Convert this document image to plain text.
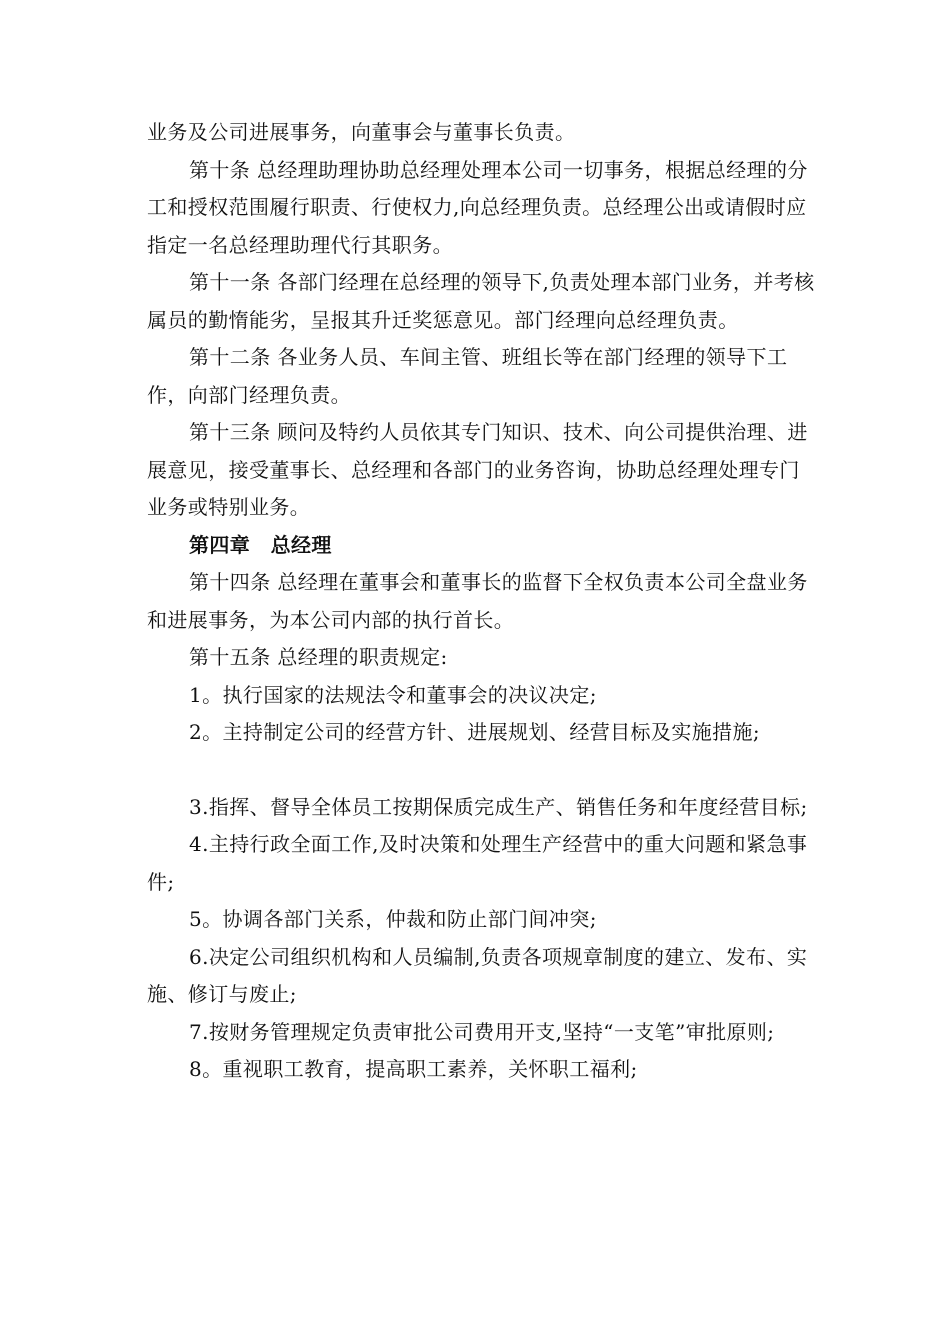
业务及公司进展事务，向董事会与董事长负责。

第十条 总经理助理协助总经理处理本公司一切事务，根据总经理的分工和授权范围履行职责、行使权力,向总经理负责。总经理公出或请假时应指定一名总经理助理代行其职务。

第十一条 各部门经理在总经理的领导下,负责处理本部门业务，并考核属员的勤惰能劣，呈报其升迁奖惩意见。部门经理向总经理负责。

第十二条 各业务人员、车间主管、班组长等在部门经理的领导下工作，向部门经理负责。

第十三条 顾问及特约人员依其专门知识、技术、向公司提供治理、进展意见，接受董事长、总经理和各部门的业务咨询，协助总经理处理专门业务或特别业务。

第四章　总经理

第十四条 总经理在董事会和董事长的监督下全权负责本公司全盘业务和进展事务，为本公司内部的执行首长。

第十五条 总经理的职责规定:

1。执行国家的法规法令和董事会的决议决定;

2。主持制定公司的经营方针、进展规划、经营目标及实施措施;

3.指挥、督导全体员工按期保质完成生产、销售任务和年度经营目标;

4.主持行政全面工作,及时决策和处理生产经营中的重大问题和紧急事件;

5。协调各部门关系，仲裁和防止部门间冲突;

6.决定公司组织机构和人员编制,负责各项规章制度的建立、发布、实施、修订与废止;

7.按财务管理规定负责审批公司费用开支,坚持“一支笔”审批原则;

8。重视职工教育，提高职工素养，关怀职工福利;
